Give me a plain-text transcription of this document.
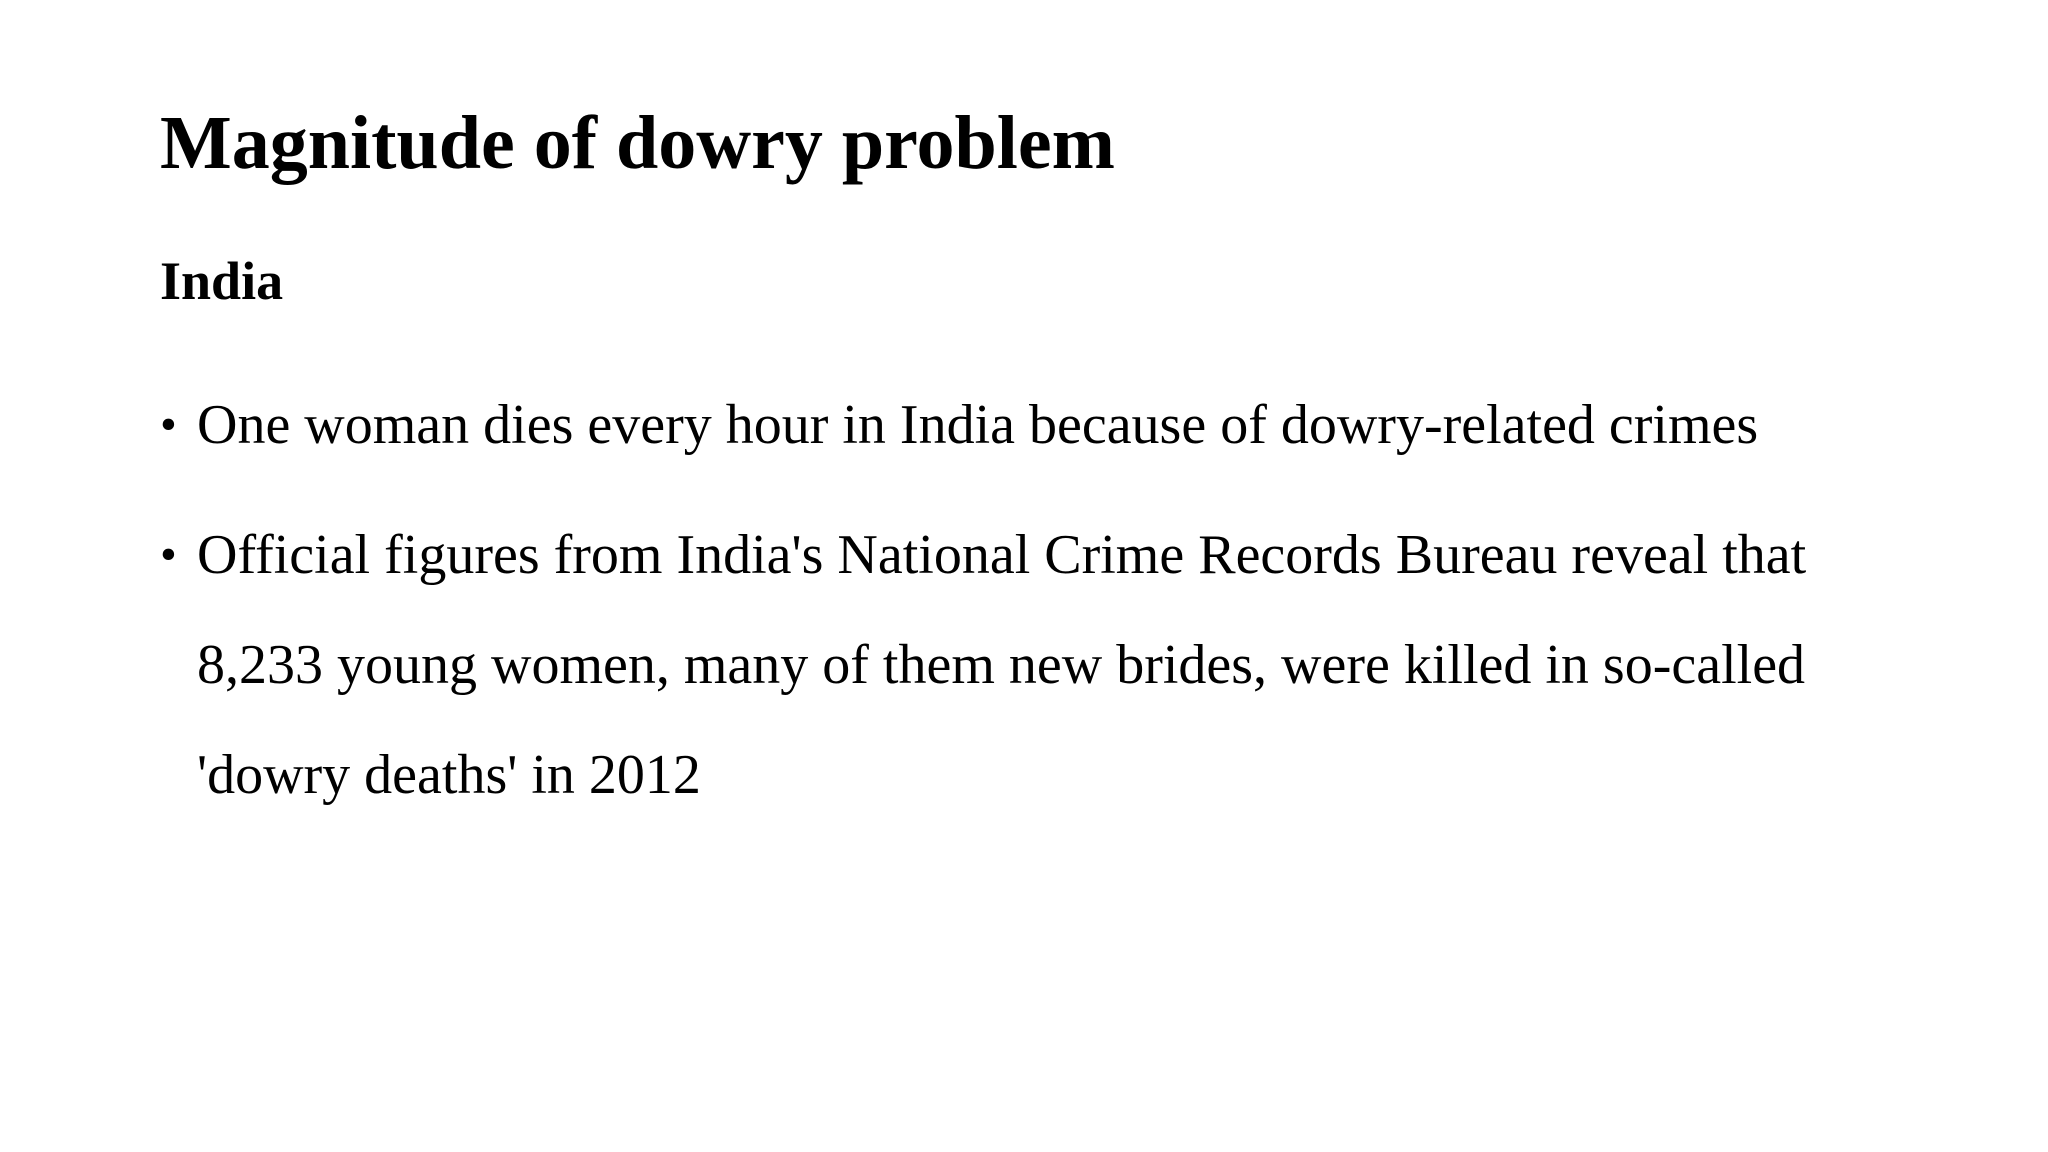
Magnitude of dowry problem
India
• One woman dies every hour in India because of dowry-related crimes
• Official figures from India's National Crime Records Bureau reveal that 8,233 young women, many of them new brides, were killed in so-called 'dowry deaths' in 2012
